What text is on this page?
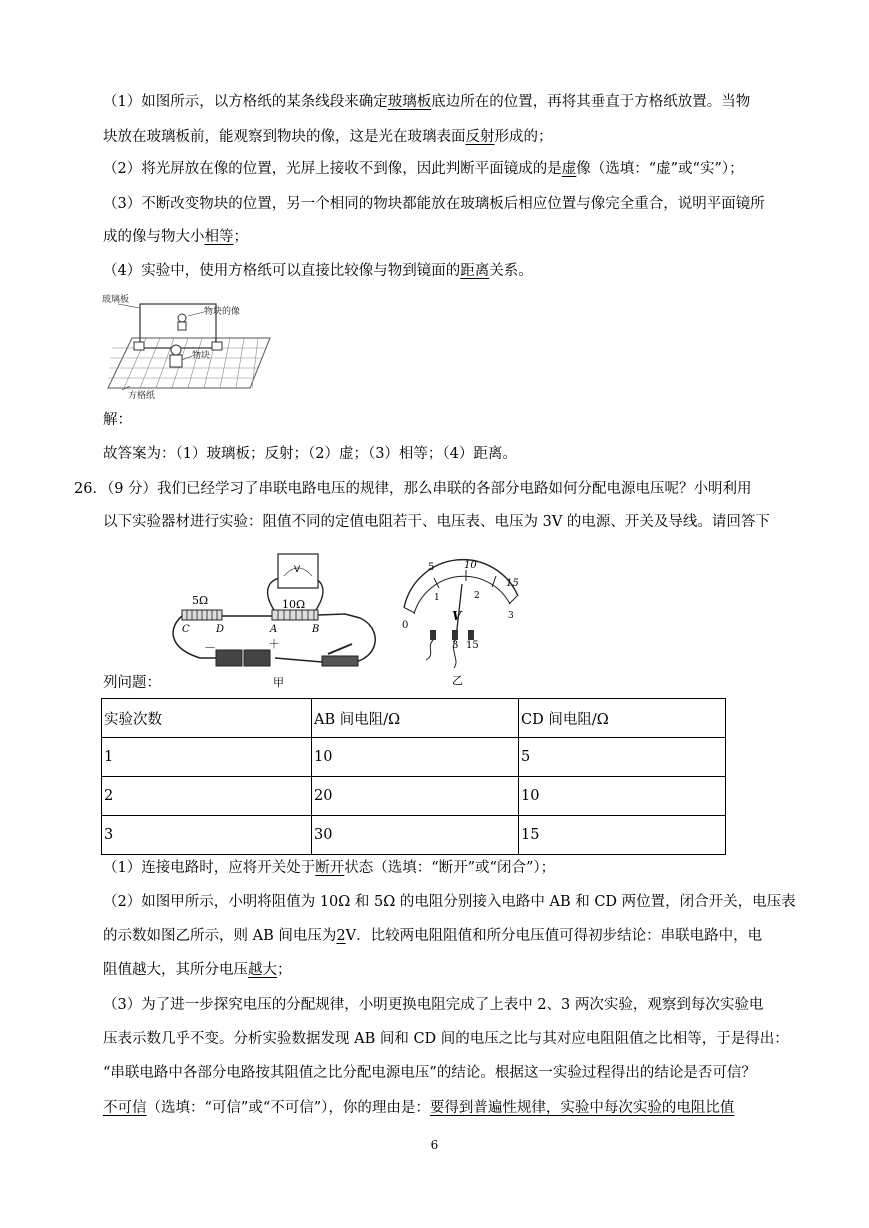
（1）如图所示，以方格纸的某条线段来确定玻璃板底边所在的位置，再将其垂直于方格纸放置。当物
块放在玻璃板前，能观察到物块的像，这是光在玻璃表面反射形成的；
（2）将光屏放在像的位置，光屏上接收不到像，因此判断平面镜成的是虚像（选填：“虚”或“实”）；
（3）不断改变物块的位置，另一个相同的物块都能放在玻璃板后相应位置与像完全重合，说明平面镜所
成的像与物大小相等；
（4）实验中，使用方格纸可以直接比较像与物到镜面的距离关系。
玻璃板
物块的像
物块
方格纸
解：
故答案为：（1）玻璃板；反射；（2）虚；（3）相等；（4）距离。
26．（9 分）我们已经学习了串联电路电压的规律，那么串联的各部分电路如何分配电源电压呢？小明利用
以下实验器材进行实验：阻值不同的定值电阻若干、电压表、电压为 3V 的电源、开关及导线。请回答下
V
5Ω	10Ω
C	D	A	B
－	＋
甲
5	10
15
0
1	2
3
V
3 15
乙
列问题：
实验次数	AB 间电阻/Ω	CD 间电阻/Ω
1	10	5
2	20	10
3	30	15
（1）连接电路时，应将开关处于断开状态（选填：“断开”或“闭合”）；
（2）如图甲所示，小明将阻值为 10Ω 和 5Ω 的电阻分别接入电路中 AB 和 CD 两位置，闭合开关，电压表
的示数如图乙所示，则 AB 间电压为2V．比较两电阻阻值和所分电压值可得初步结论：串联电路中，电
阻值越大，其所分电压越大；
（3）为了进一步探究电压的分配规律，小明更换电阻完成了上表中 2、3 两次实验，观察到每次实验电
压表示数几乎不变。分析实验数据发现 AB 间和 CD 间的电压之比与其对应电阻阻值之比相等，于是得出：
“串联电路中各部分电路按其阻值之比分配电源电压”的结论。根据这一实验过程得出的结论是否可信？
不可信（选填：“可信”或“不可信”），你的理由是：要得到普遍性规律，实验中每次实验的电阻比值
6
